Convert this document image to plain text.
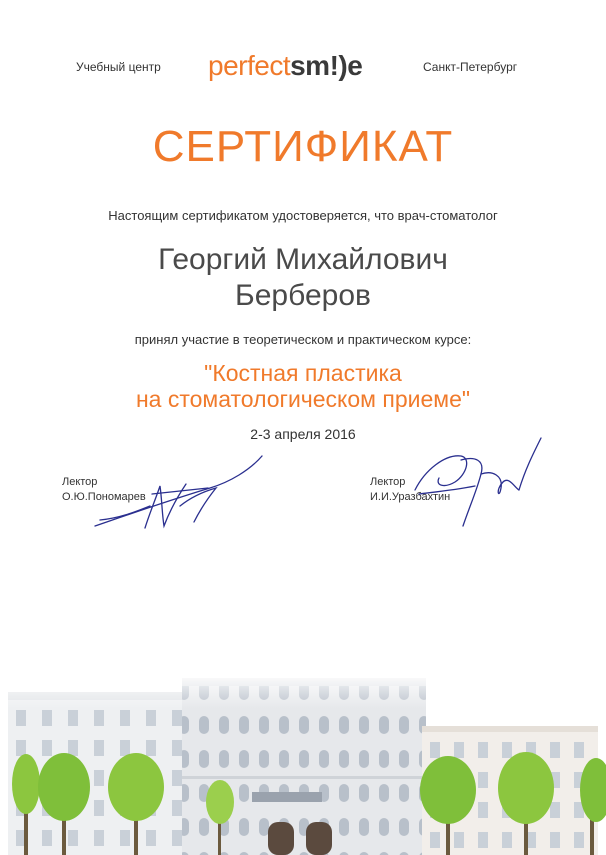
Учебный центр perfectsm!)e	Санкт-Петербург
СЕРТИФИКАТ
Настоящим сертификатом удостоверяется, что врач-стоматолог
Георгий Михайлович
Берберов
принял участие в теоретическом и практическом курсе:
"Костная пластика
на стоматологическом приеме"
2-3 апреля 2016
Лектор
О.Ю.Пономарев
Лектор
И.И.Уразбахтин
